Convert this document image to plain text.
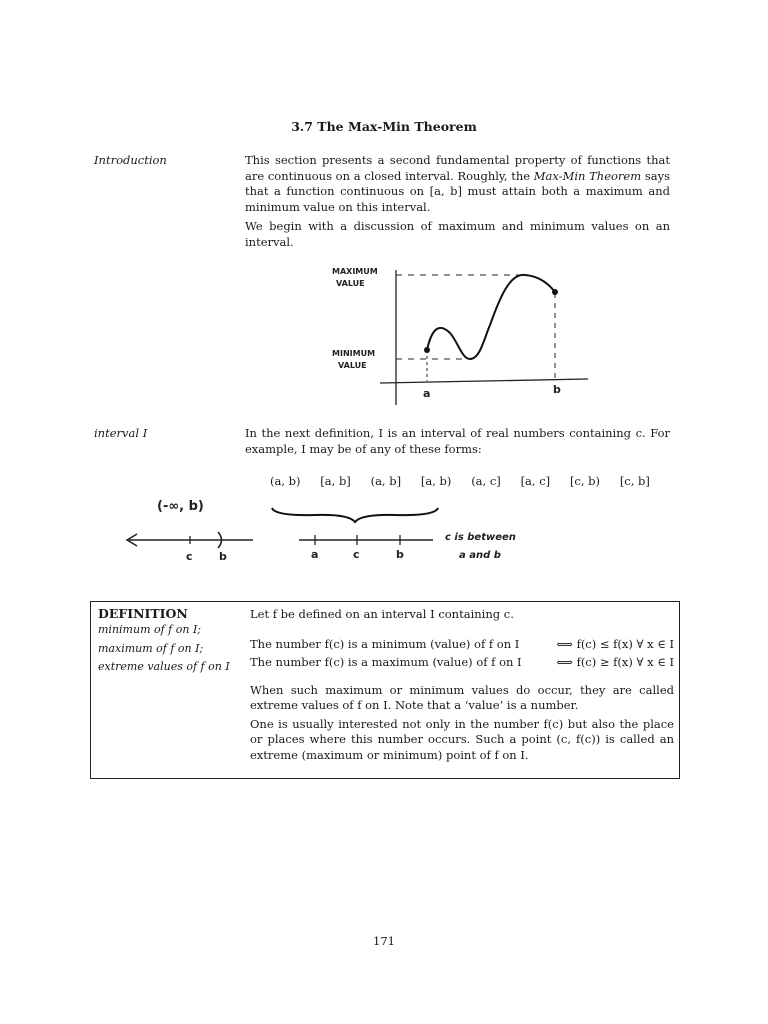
3.7 The Max-Min Theorem
Introduction	This section presents a second fundamental property of functions that are continuous on a closed interval. Roughly, the Max-Min Theorem says that a function continuous on [a, b] must attain both a maximum and minimum value on this interval.

We begin with a discussion of maximum and minimum values on an interval.

MAXIMUM
VALUE
MINIMUM
VALUE
a	b
interval I	In the next definition, I is an interval of real numbers containing c. For example, I may be of any of these forms:
(a, b) [a, b] (a, b] [a, b) (a, c] [a, c] [c, b) [c, b]
(-∞, b)
c b	a	c	b
c is between
a and b
DEFINITION
minimum of f on I;
maximum of f on I;
extreme values of f on I

Let f be defined on an interval I containing c.

The number f(c) is a minimum (value) of f on I	⟺ f(c) ≤ f(x) ∀ x ∈ I
The number f(c) is a maximum (value) of f on I	⟺ f(c) ≥ f(x) ∀ x ∈ I

When such maximum or minimum values do occur, they are called extreme values of f on I. Note that a ‘value’ is a number.

One is usually interested not only in the number f(c) but also the place or places where this number occurs. Such a point (c, f(c)) is called an extreme (maximum or minimum) point of f on I.

171
